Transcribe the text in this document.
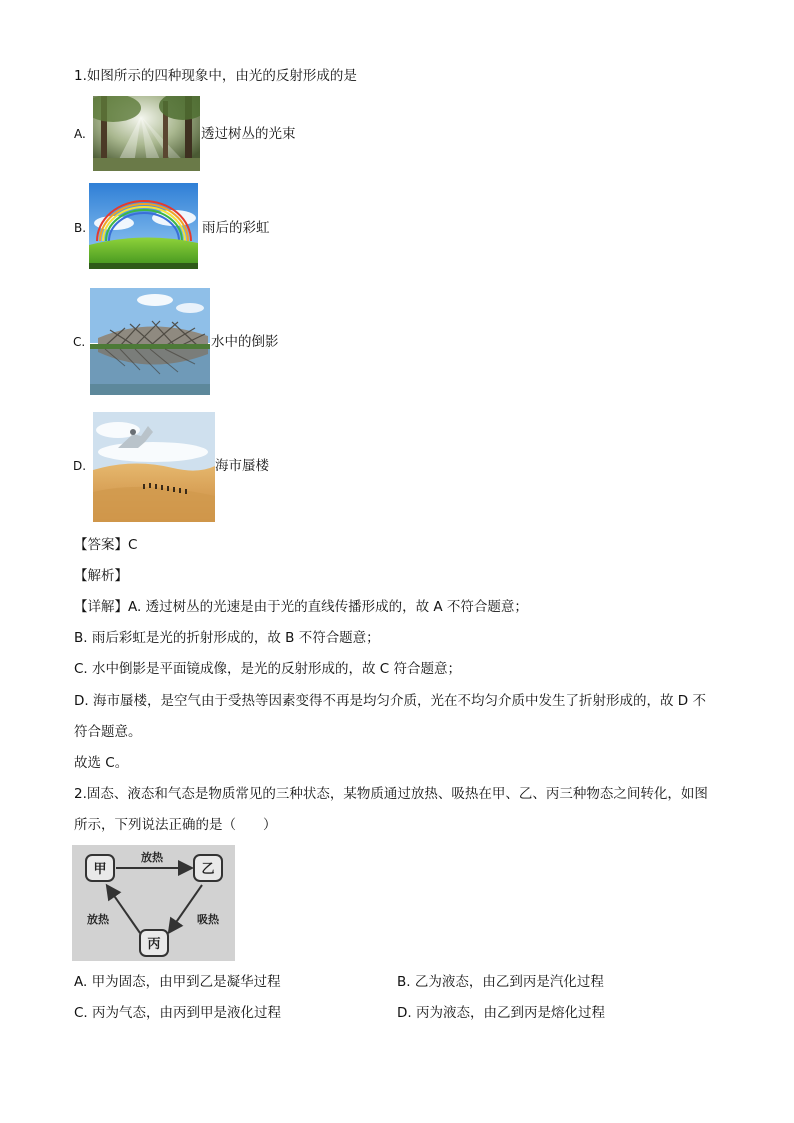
1.如图所示的四种现象中，由光的反射形成的是
A.	透过树丛的光束
B.	雨后的彩虹
C.	水中的倒影
D.	海市蜃楼
【答案】C
【解析】
【详解】A. 透过树丛的光速是由于光的直线传播形成的，故 A 不符合题意；
B. 雨后彩虹是光的折射形成的，故 B 不符合题意；
C. 水中倒影是平面镜成像，是光的反射形成的，故 C 符合题意；
D. 海市蜃楼，是空气由于受热等因素变得不再是均匀介质，光在不均匀介质中发生了折射形成的，故 D 不
符合题意。
故选 C。
2.固态、液态和气态是物质常见的三种状态，某物质通过放热、吸热在甲、乙、丙三种物态之间转化，如图
所示，下列说法正确的是（　　）
甲	乙
丙
放热
放热	吸热
A. 甲为固态，由甲到乙是凝华过程	B. 乙为液态，由乙到丙是汽化过程
C. 丙为气态，由丙到甲是液化过程	D. 丙为液态，由乙到丙是熔化过程
